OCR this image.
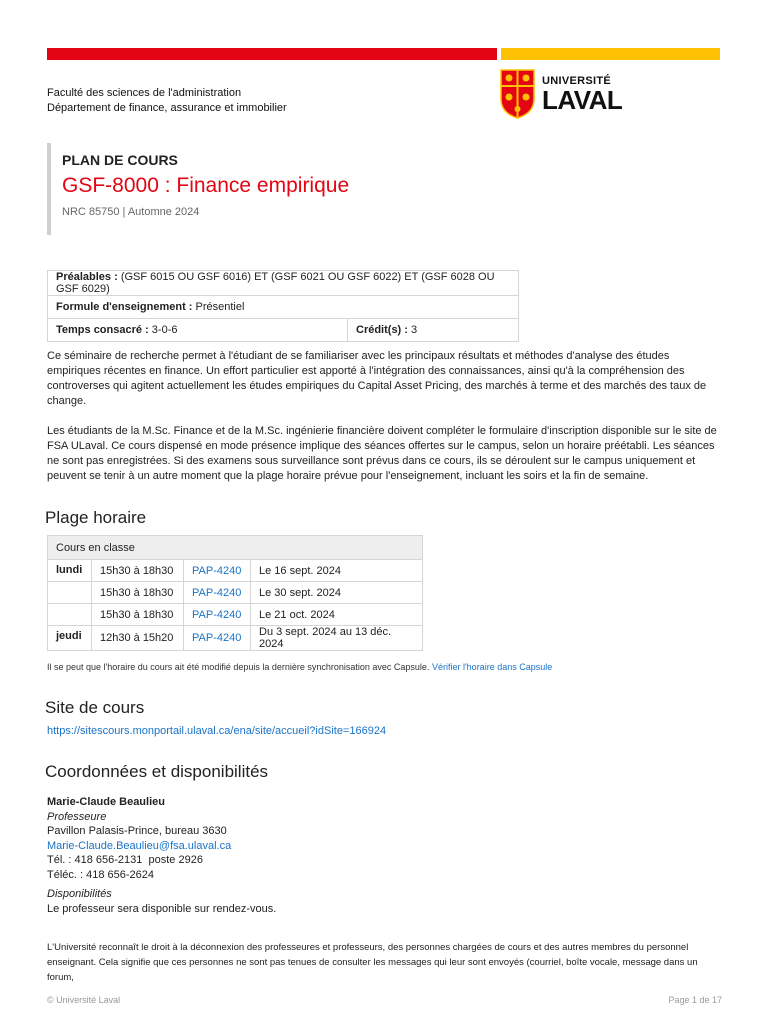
Faculté des sciences de l'administration
Département de finance, assurance et immobilier
UNIVERSITÉ
LAVAL
PLAN DE COURS
GSF-8000 : Finance empirique
NRC 85750 | Automne 2024
Préalables : (GSF 6015 OU GSF 6016) ET (GSF 6021 OU GSF 6022) ET (GSF 6028 OU GSF 6029)
Formule d'enseignement : Présentiel
Temps consacré : 3-0-6	Crédit(s) : 3

Ce séminaire de recherche permet à l'étudiant de se familiariser avec les principaux résultats et méthodes d'analyse des études empiriques récentes en finance. Un effort particulier est apporté à l'intégration des connaissances, ainsi qu'à la compréhension des controverses qui agitent actuellement les études empiriques du Capital Asset Pricing, des marchés à terme et des marchés des taux de change.

Les étudiants de la M.Sc. Finance et de la M.Sc. ingénierie financière doivent compléter le formulaire d'inscription disponible sur le site de FSA ULaval. Ce cours dispensé en mode présence implique des séances offertes sur le campus, selon un horaire préétabli. Les séances ne sont pas enregistrées. Si des examens sous surveillance sont prévus dans ce cours, ils se déroulent sur le campus uniquement et peuvent se tenir à un autre moment que la plage horaire prévue pour l'enseignement, incluant les soirs et la fin de semaine.

Plage horaire
Cours en classe			
lundi	15h30 à 18h30	PAP-4240	Le 16 sept. 2024
	15h30 à 18h30	PAP-4240	Le 30 sept. 2024
	15h30 à 18h30	PAP-4240	Le 21 oct. 2024
jeudi	12h30 à 15h20	PAP-4240	Du 3 sept. 2024 au 13 déc. 2024
Il se peut que l'horaire du cours ait été modifié depuis la dernière synchronisation avec Capsule. Vérifier l'horaire dans Capsule
Site de cours
https://sitescours.monportail.ulaval.ca/ena/site/accueil?idSite=166924
Coordonnées et disponibilités
Marie-Claude Beaulieu
Professeure
Pavillon Palasis-Prince, bureau 3630
Marie-Claude.Beaulieu@fsa.ulaval.ca
Tél. : 418 656-2131  poste 2926
Téléc. : 418 656-2624
Disponibilités
Le professeur sera disponible sur rendez-vous.

L'Université reconnaît le droit à la déconnexion des professeures et professeurs, des personnes chargées de cours et des autres membres du personnel enseignant. Cela signifie que ces personnes ne sont pas tenues de consulter les messages qui leur sont envoyés (courriel, boîte vocale, message dans un forum,

© Université Laval	Page 1 de 17
